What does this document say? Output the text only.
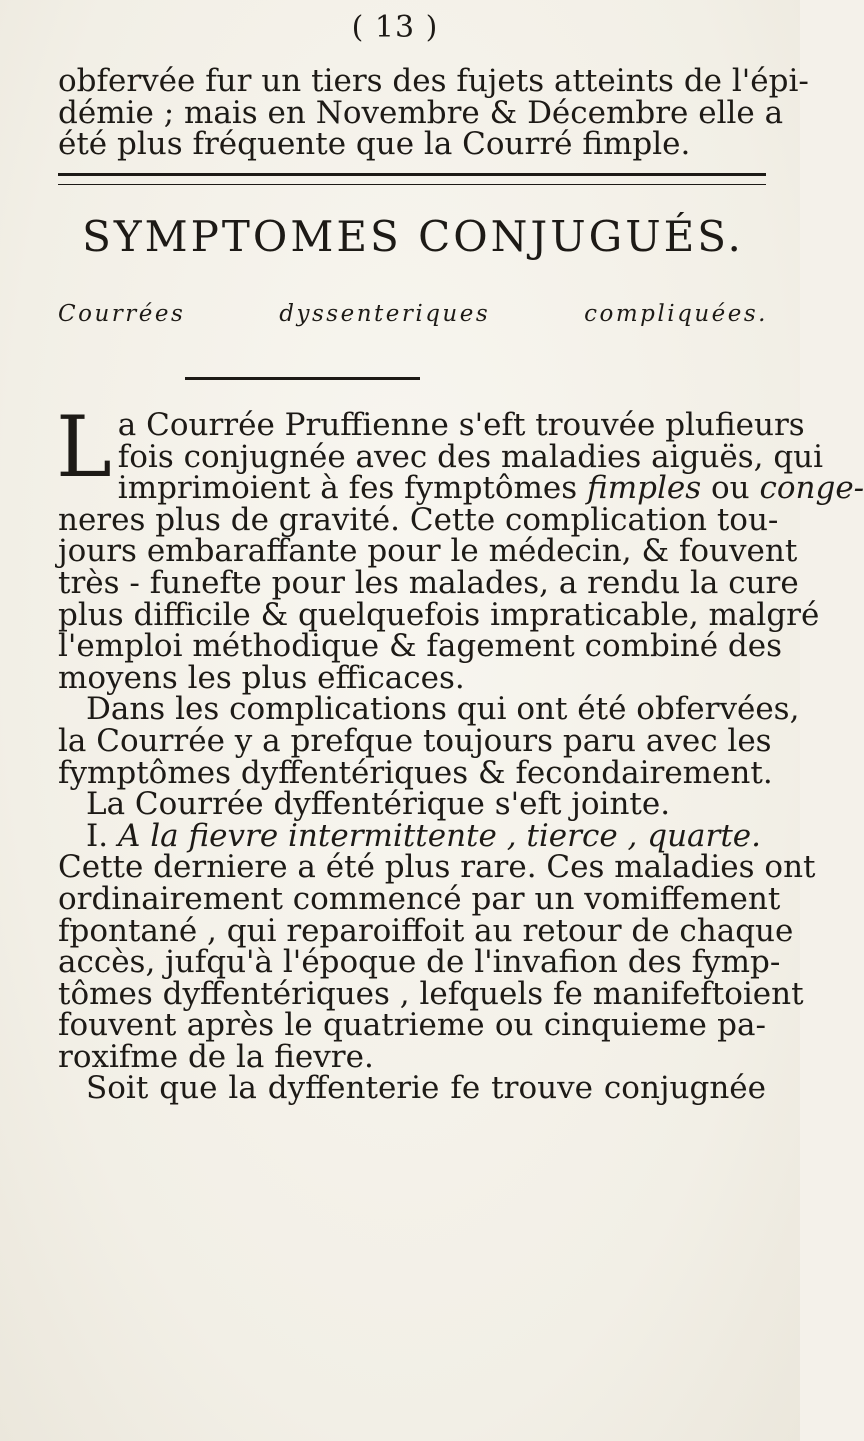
( 13 )
obfervée fur un tiers des fujets atteints de l'épi-
démie ; mais en Novembre & Décembre elle a
été plus fréquente que la Courré fimple.
SYMPTOMES CONJUGUÉS.
Courrées dyssenteriques compliquées.
L a Courrée Pruffienne s'eft trouvée plufieurs
fois conjugnée avec des maladies aiguës, qui
imprimoient à fes fymptômes fimples ou conge-
neres plus de gravité. Cette complication tou-
jours embaraffante pour le médecin, & fouvent
très - funefte pour les malades, a rendu la cure
plus difficile & quelquefois impraticable, malgré
l'emploi méthodique & fagement combiné des
moyens les plus efficaces.
Dans les complications qui ont été obfervées,
la Courrée y a prefque toujours paru avec les
fymptômes dyffentériques & fecondairement.
La Courrée dyffentérique s'eft jointe.
I. A la fievre intermittente , tierce , quarte.
Cette derniere a été plus rare. Ces maladies ont
ordinairement commencé par un vomiffement
fpontané , qui reparoiffoit au retour de chaque
accès, jufqu'à l'époque de l'invafion des fymp-
tômes dyffentériques , lefquels fe manifeftoient
fouvent après le quatrieme ou cinquieme pa-
roxifme de la fievre.
Soit que la dyffenterie fe trouve conjugnée
